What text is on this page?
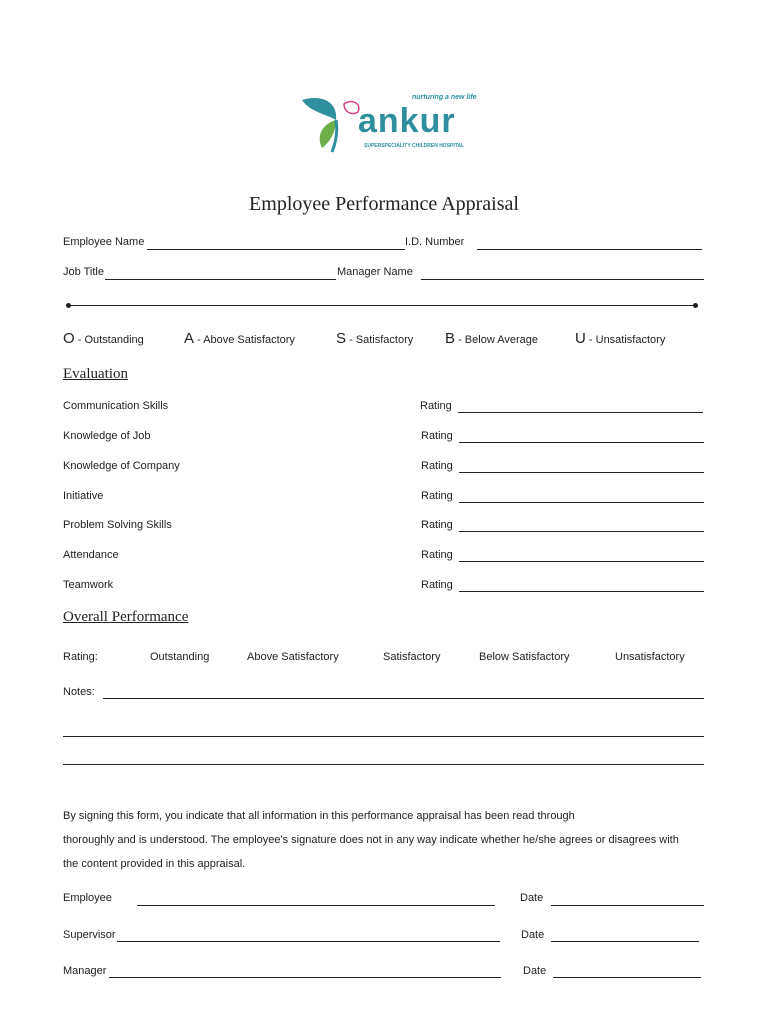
nurturing a new life
ankur
SUPERSPECIALITY CHILDREN HOSPITAL
Employee Performance Appraisal
Employee Name	I.D. Number
Job Title	Manager Name
O - Outstanding	A - Above Satisfactory	S - Satisfactory B - Below Average U - Unsatisfactory
Evaluation
Communication Skills	Rating
Knowledge of Job	Rating
Knowledge of Company	Rating
Initiative	Rating
Problem Solving Skills	Rating
Attendance	Rating
Teamwork	Rating
Overall Performance
Rating:	Outstanding	Above Satisfactory	Satisfactory	Below Satisfactory	Unsatisfactory
Notes:
By signing this form, you indicate that all information in this performance appraisal has been read through
thoroughly and is understood. The employee's signature does not in any way indicate whether he/she agrees or disagrees with
the content provided in this appraisal.
Employee	Date
Supervisor	Date
Manager	Date
